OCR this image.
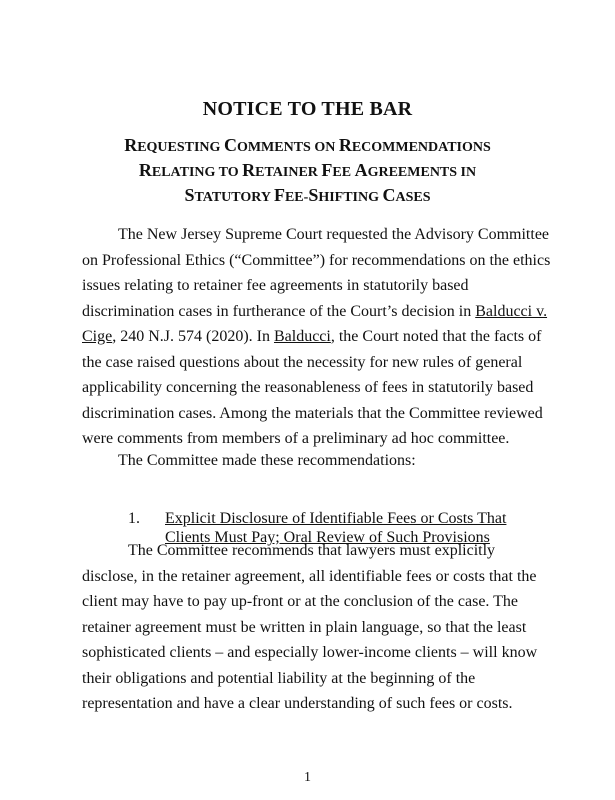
NOTICE TO THE BAR
REQUESTING COMMENTS ON RECOMMENDATIONS
RELATING TO RETAINER FEE AGREEMENTS IN
STATUTORY FEE-SHIFTING CASES
The New Jersey Supreme Court requested the Advisory Committee on Professional Ethics (“Committee”) for recommendations on the ethics issues relating to retainer fee agreements in statutorily based discrimination cases in furtherance of the Court’s decision in Balducci v. Cige, 240 N.J. 574 (2020). In Balducci, the Court noted that the facts of the case raised questions about the necessity for new rules of general applicability concerning the reasonableness of fees in statutorily based discrimination cases. Among the materials that the Committee reviewed were comments from members of a preliminary ad hoc committee.
The Committee made these recommendations:
1. Explicit Disclosure of Identifiable Fees or Costs That Clients Must Pay; Oral Review of Such Provisions
The Committee recommends that lawyers must explicitly disclose, in the retainer agreement, all identifiable fees or costs that the client may have to pay up-front or at the conclusion of the case. The retainer agreement must be written in plain language, so that the least sophisticated clients – and especially lower-income clients – will know their obligations and potential liability at the beginning of the representation and have a clear understanding of such fees or costs.
1
